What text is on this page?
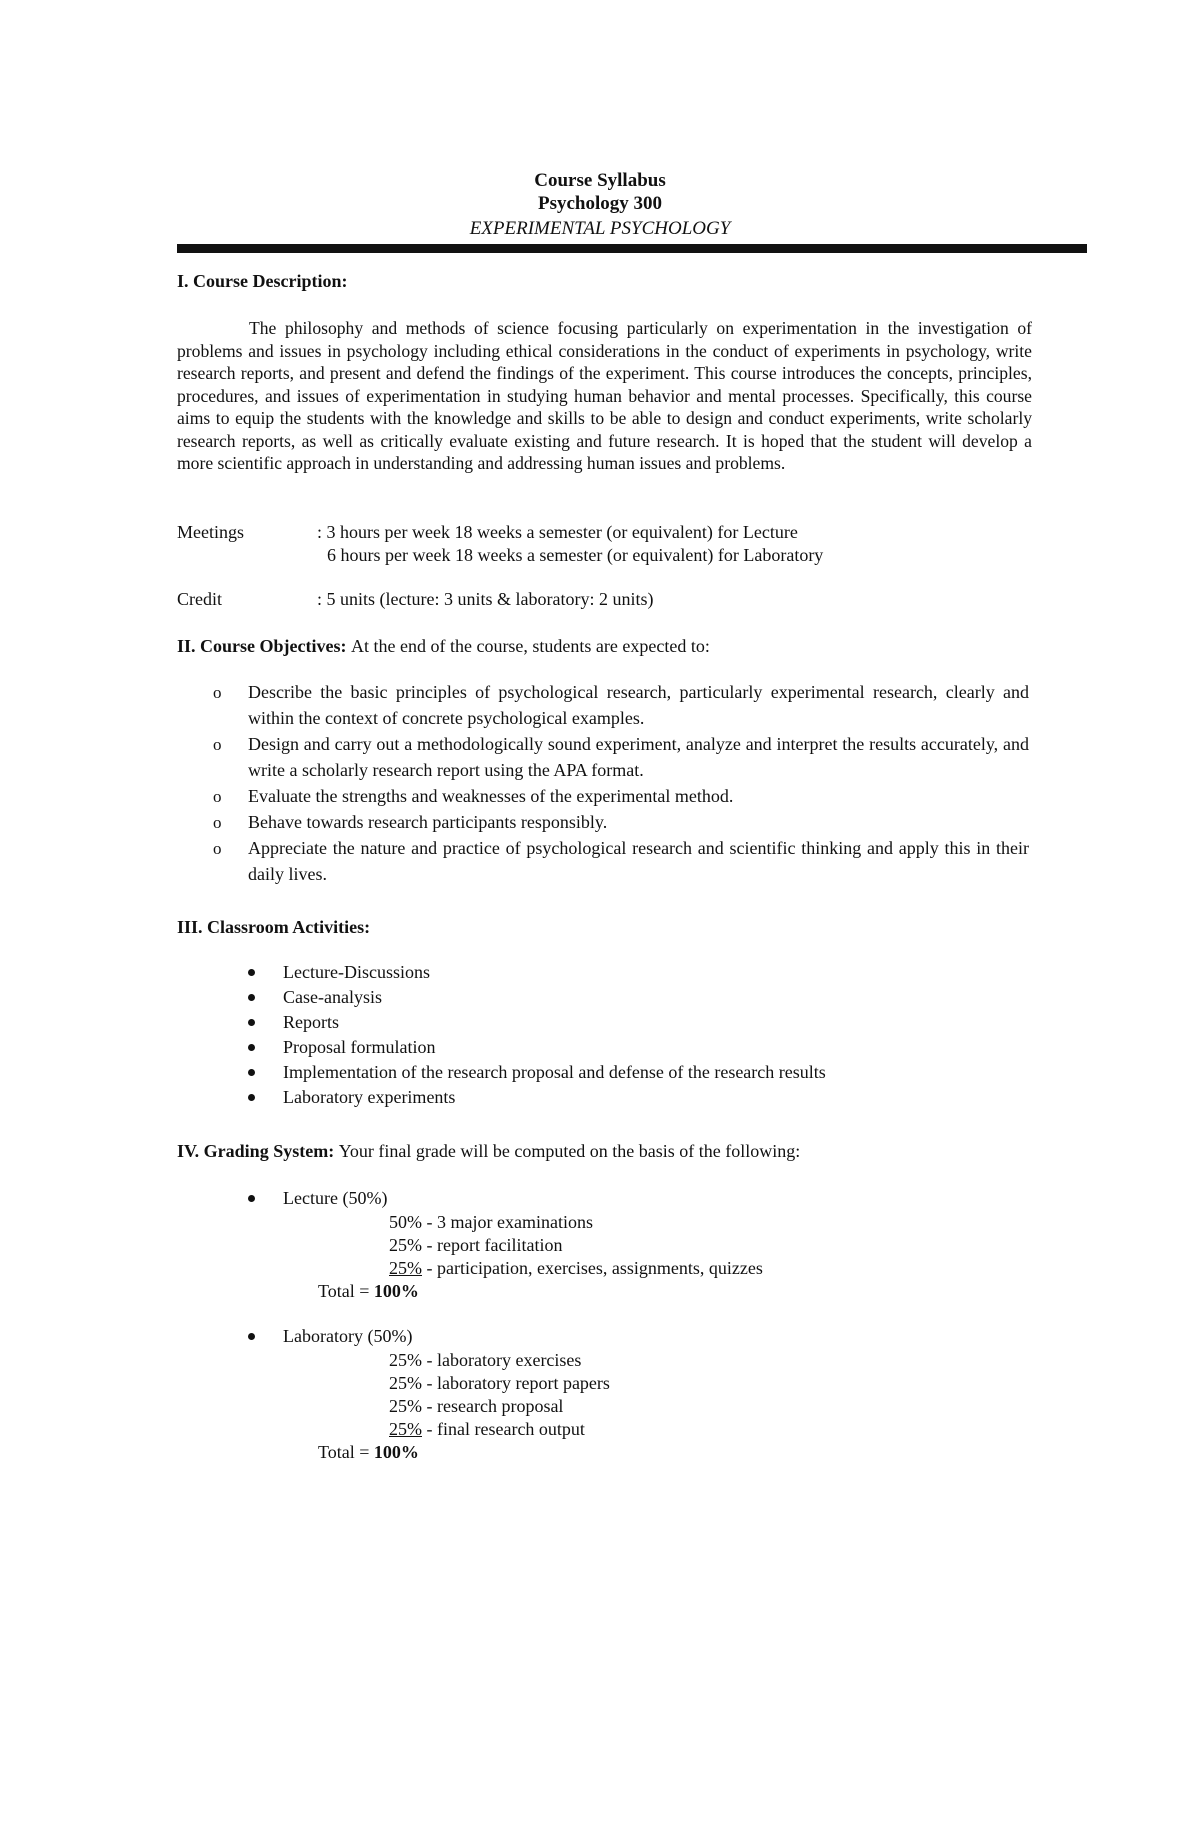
Course Syllabus
Psychology 300
EXPERIMENTAL PSYCHOLOGY
I. Course Description:
The philosophy and methods of science focusing particularly on experimentation in the investigation of problems and issues in psychology including ethical considerations in the conduct of experiments in psychology, write research reports, and present and defend the findings of the experiment. This course introduces the concepts, principles, procedures, and issues of experimentation in studying human behavior and mental processes. Specifically, this course aims to equip the students with the knowledge and skills to be able to design and conduct experiments, write scholarly research reports, as well as critically evaluate existing and future research. It is hoped that the student will develop a more scientific approach in understanding and addressing human issues and problems.
Meetings	: 3 hours per week 18 weeks a semester (or equivalent) for Lecture
6 hours per week 18 weeks a semester (or equivalent) for Laboratory
Credit	: 5 units (lecture: 3 units & laboratory: 2 units)
II. Course Objectives: At the end of the course, students are expected to:
o Describe the basic principles of psychological research, particularly experimental research, clearly and within the context of concrete psychological examples.
o Design and carry out a methodologically sound experiment, analyze and interpret the results accurately, and write a scholarly research report using the APA format.
o Evaluate the strengths and weaknesses of the experimental method.
o Behave towards research participants responsibly.
o Appreciate the nature and practice of psychological research and scientific thinking and apply this in their daily lives.
III. Classroom Activities:
Lecture-Discussions
Case-analysis
Reports
Proposal formulation
Implementation of the research proposal and defense of the research results
Laboratory experiments
IV. Grading System: Your final grade will be computed on the basis of the following:
Lecture (50%)
50% - 3 major examinations
25% - report facilitation
25% - participation, exercises, assignments, quizzes
Total = 100%
Laboratory (50%)
25% - laboratory exercises
25% - laboratory report papers
25% - research proposal
25% - final research output
Total = 100%
